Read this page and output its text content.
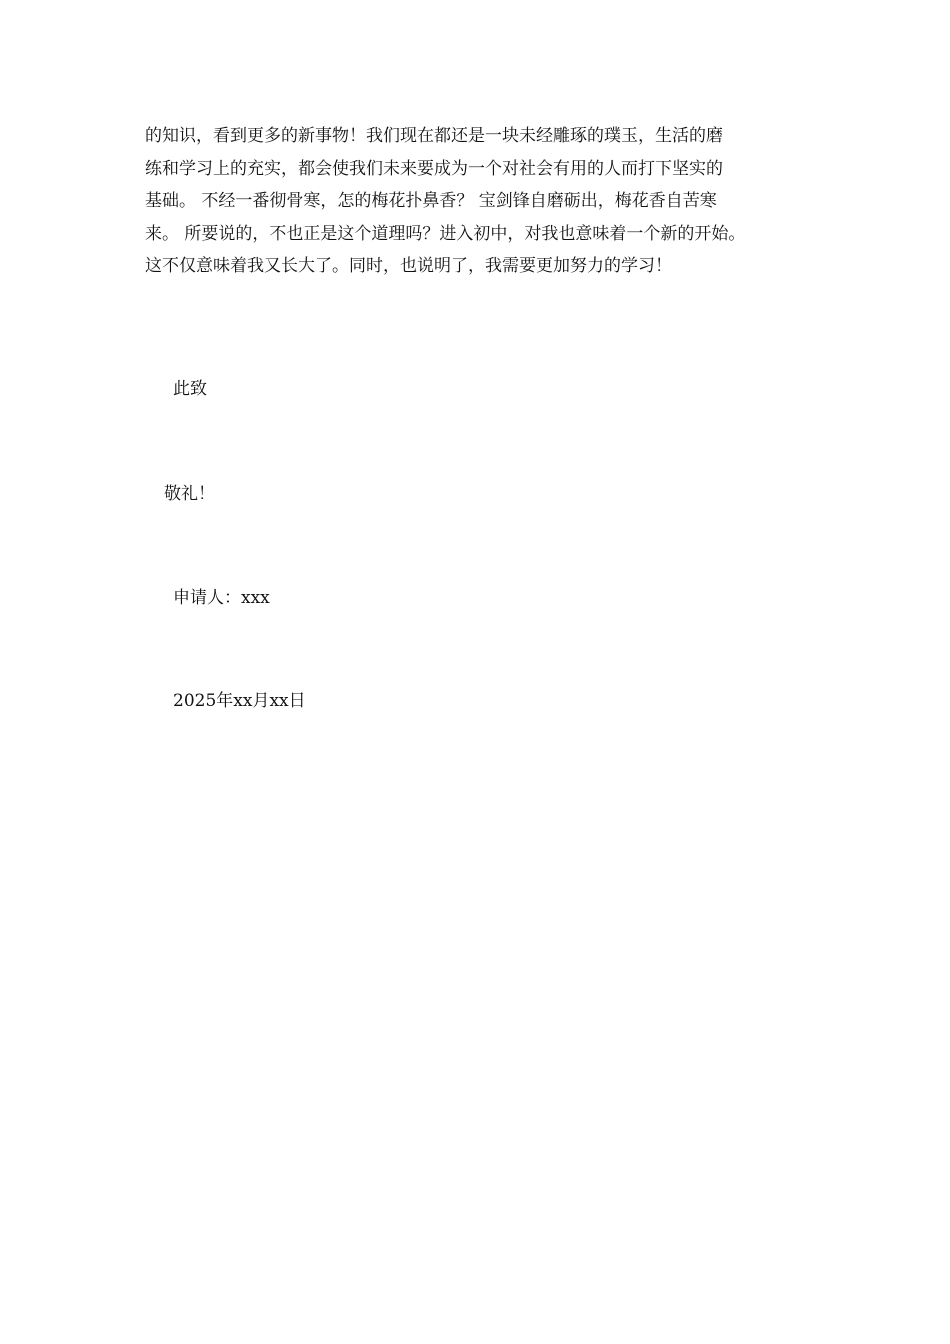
的知识，看到更多的新事物！我们现在都还是一块未经雕琢的璞玉，生活的磨
练和学习上的充实，都会使我们未来要成为一个对社会有用的人而打下坚实的
基础。 不经一番彻骨寒，怎的梅花扑鼻香？ 宝剑锋自磨砺出，梅花香自苦寒
来。 所要说的，不也正是这个道理吗？进入初中，对我也意味着一个新的开始。
这不仅意味着我又长大了。同时，也说明了，我需要更加努力的学习！
此致
敬礼！
申请人：xxx
2025年xx月xx日
